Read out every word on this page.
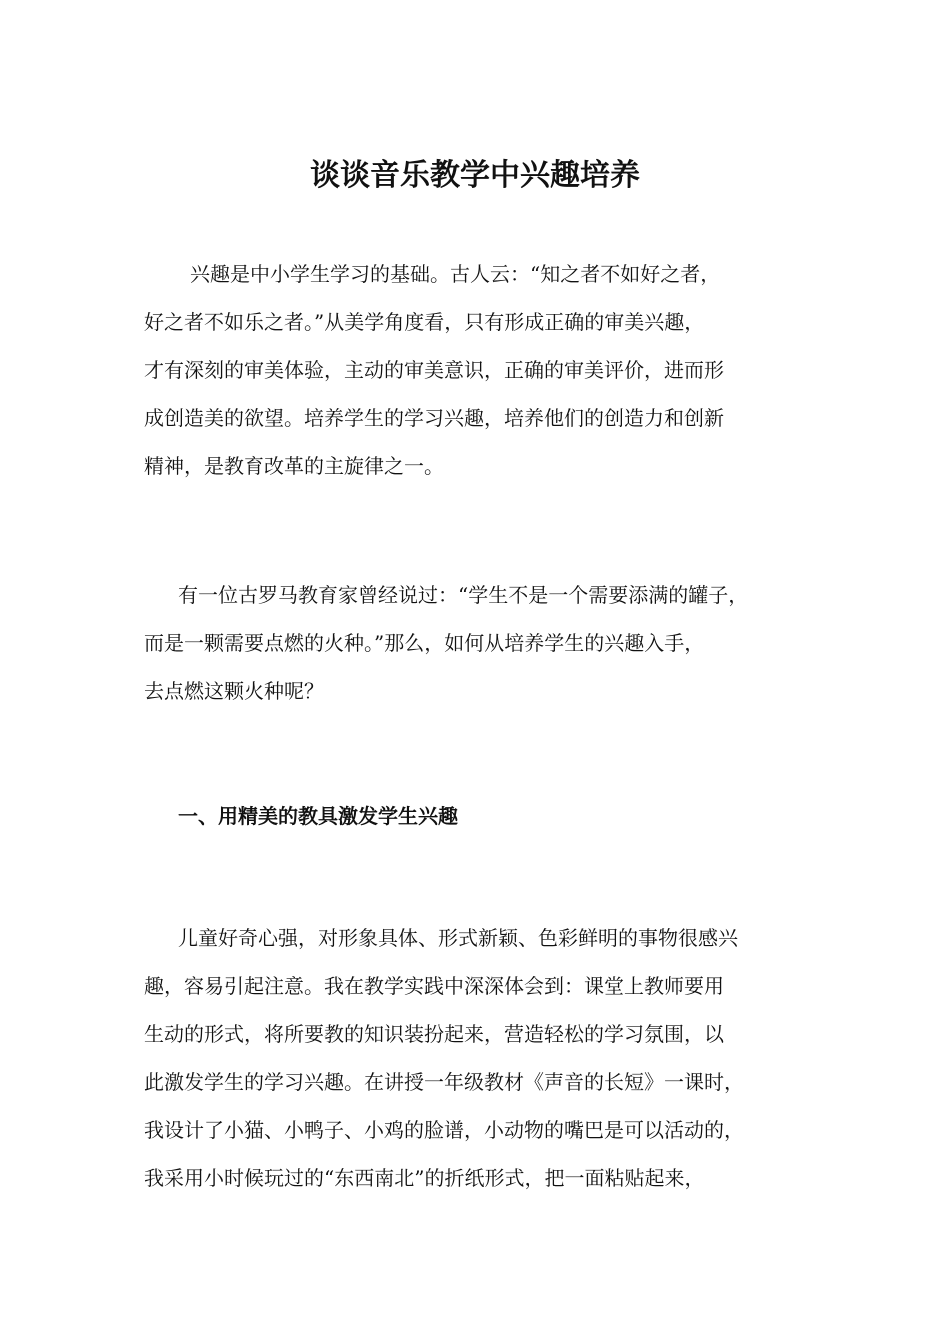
谈谈音乐教学中兴趣培养
　兴趣是中小学生学习的基础。古人云：“知之者不如好之者，
好之者不如乐之者。”从美学角度看，只有形成正确的审美兴趣，
才有深刻的审美体验，主动的审美意识，正确的审美评价，进而形
成创造美的欲望。培养学生的学习兴趣，培养他们的创造力和创新
精神，是教育改革的主旋律之一。
有一位古罗马教育家曾经说过：“学生不是一个需要添满的罐子，
而是一颗需要点燃的火种。”那么，如何从培养学生的兴趣入手，
去点燃这颗火种呢？
一、用精美的教具激发学生兴趣
儿童好奇心强，对形象具体、形式新颖、色彩鲜明的事物很感兴
趣，容易引起注意。我在教学实践中深深体会到：课堂上教师要用
生动的形式，将所要教的知识装扮起来，营造轻松的学习氛围，以
此激发学生的学习兴趣。在讲授一年级教材《声音的长短》一课时，
我设计了小猫、小鸭子、小鸡的脸谱，小动物的嘴巴是可以活动的，
我采用小时候玩过的“东西南北”的折纸形式，把一面粘贴起来，
